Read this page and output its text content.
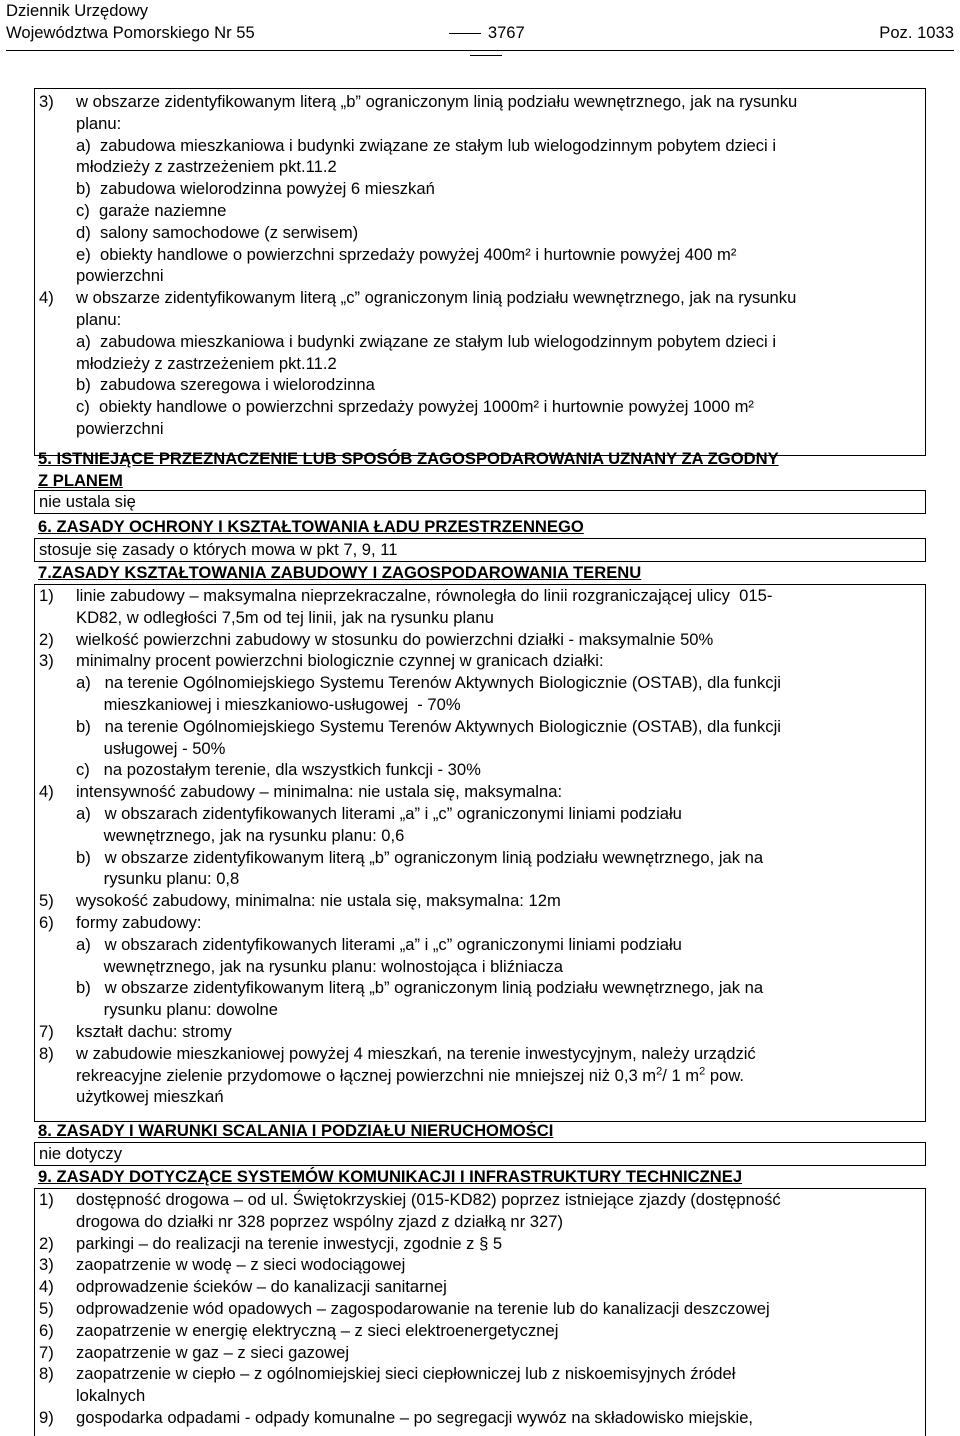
Dziennik Urzędowy
Województwa Pomorskiego Nr 55	3767	Poz. 1033
3)	w obszarze zidentyfikowanym literą „b” ograniczonym linią podziału wewnętrznego, jak na rysunku
planu:
a)  zabudowa mieszkaniowa i budynki związane ze stałym lub wielogodzinnym pobytem dzieci i
młodzieży z zastrzeżeniem pkt.11.2
b)  zabudowa wielorodzinna powyżej 6 mieszkań
c)  garaże naziemne
d)  salony samochodowe (z serwisem)
e)  obiekty handlowe o powierzchni sprzedaży powyżej 400m² i hurtownie powyżej 400 m²
powierzchni
4)	w obszarze zidentyfikowanym literą „c” ograniczonym linią podziału wewnętrznego, jak na rysunku
planu:
a)  zabudowa mieszkaniowa i budynki związane ze stałym lub wielogodzinnym pobytem dzieci i
młodzieży z zastrzeżeniem pkt.11.2
b)  zabudowa szeregowa i wielorodzinna
c)  obiekty handlowe o powierzchni sprzedaży powyżej 1000m² i hurtownie powyżej 1000 m²
powierzchni
5. ISTNIEJĄCE PRZEZNACZENIE LUB SPOSÓB ZAGOSPODAROWANIA UZNANY ZA ZGODNY
Z PLANEM
nie ustala się
6. ZASADY OCHRONY I KSZTAŁTOWANIA ŁADU PRZESTRZENNEGO
stosuje się zasady o których mowa w pkt 7, 9, 11
7.ZASADY KSZTAŁTOWANIA ZABUDOWY I ZAGOSPODAROWANIA TERENU
1)	linie zabudowy – maksymalna nieprzekraczalne, równoległa do linii rozgraniczającej ulicy  015-
KD82, w odległości 7,5m od tej linii, jak na rysunku planu
2)	wielkość powierzchni zabudowy w stosunku do powierzchni działki - maksymalnie 50%
3)	minimalny procent powierzchni biologicznie czynnej w granicach działki:
a)   na terenie Ogólnomiejskiego Systemu Terenów Aktywnych Biologicznie (OSTAB), dla funkcji
mieszkaniowej i mieszkaniowo-usługowej  - 70%
b)   na terenie Ogólnomiejskiego Systemu Terenów Aktywnych Biologicznie (OSTAB), dla funkcji
usługowej - 50%
c)   na pozostałym terenie, dla wszystkich funkcji - 30%
4)	intensywność zabudowy – minimalna: nie ustala się, maksymalna:
a)   w obszarach zidentyfikowanych literami „a” i „c” ograniczonymi liniami podziału
wewnętrznego, jak na rysunku planu: 0,6
b)   w obszarze zidentyfikowanym literą „b” ograniczonym linią podziału wewnętrznego, jak na
rysunku planu: 0,8
5)	wysokość zabudowy, minimalna: nie ustala się, maksymalna: 12m
6)	formy zabudowy:
a)   w obszarach zidentyfikowanych literami „a” i „c” ograniczonymi liniami podziału
wewnętrznego, jak na rysunku planu: wolnostojąca i bliźniacza
b)   w obszarze zidentyfikowanym literą „b” ograniczonym linią podziału wewnętrznego, jak na
rysunku planu: dowolne
7)	kształt dachu: stromy
8)	w zabudowie mieszkaniowej powyżej 4 mieszkań, na terenie inwestycyjnym, należy urządzić
rekreacyjne zielenie przydomowe o łącznej powierzchni nie mniejszej niż 0,3 $m^2/$ 1 $m^2$ pow.
użytkowej mieszkań
8. ZASADY I WARUNKI SCALANIA I PODZIAŁU NIERUCHOMOŚCI
nie dotyczy
9. ZASADY DOTYCZĄCE SYSTEMÓW KOMUNIKACJI I INFRASTRUKTURY TECHNICZNEJ
1)	dostępność drogowa – od ul. Świętokrzyskiej (015-KD82) poprzez istniejące zjazdy (dostępność
drogowa do działki nr 328 poprzez wspólny zjazd z działką nr 327)
2)	parkingi – do realizacji na terenie inwestycji, zgodnie z § 5
3)	zaopatrzenie w wodę – z sieci wodociągowej
4)	odprowadzenie ścieków – do kanalizacji sanitarnej
5)	odprowadzenie wód opadowych – zagospodarowanie na terenie lub do kanalizacji deszczowej
6)	zaopatrzenie w energię elektryczną – z sieci elektroenergetycznej
7)	zaopatrzenie w gaz – z sieci gazowej
8)	zaopatrzenie w ciepło – z ogólnomiejskiej sieci ciepłowniczej lub z niskoemisyjnych źródeł
lokalnych
9)	gospodarka odpadami - odpady komunalne – po segregacji wywóz na składowisko miejskie,
